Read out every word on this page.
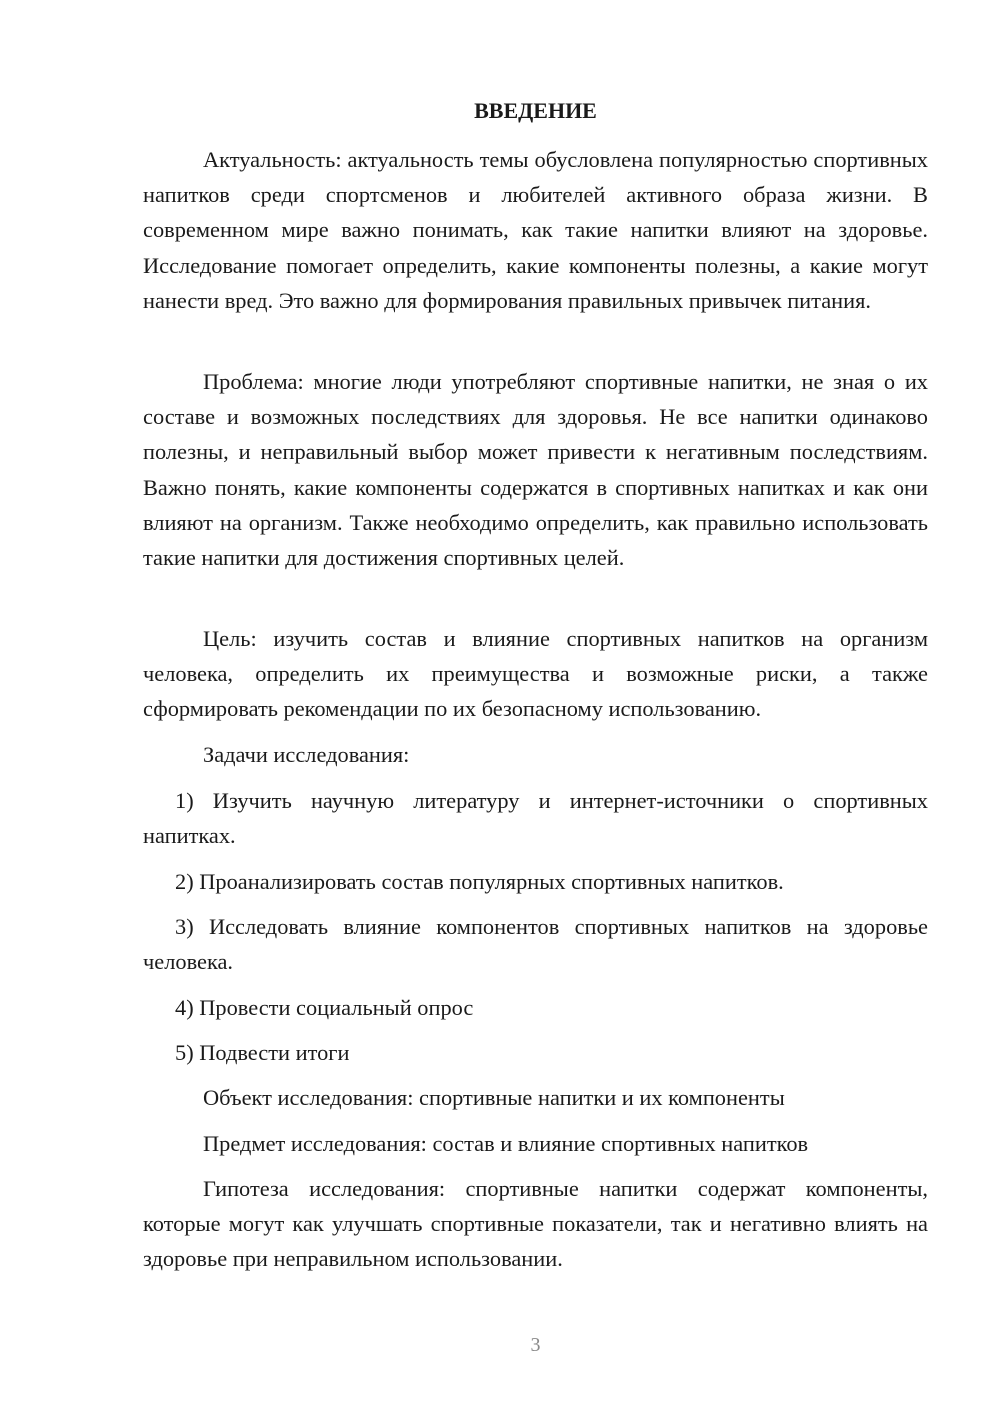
ВВЕДЕНИЕ

Актуальность: актуальность темы обусловлена популярностью спортивных напитков среди спортсменов и любителей активного образа жизни. В современном мире важно понимать, как такие напитки влияют на здоровье. Исследование помогает определить, какие компоненты полезны, а какие могут нанести вред. Это важно для формирования правильных привычек питания.

Проблема: многие люди употребляют спортивные напитки, не зная о их составе и возможных последствиях для здоровья. Не все напитки одинаково полезны, и неправильный выбор может привести к негативным последствиям. Важно понять, какие компоненты содержатся в спортивных напитках и как они влияют на организм. Также необходимо определить, как правильно использовать такие напитки для достижения спортивных целей.

Цель: изучить состав и влияние спортивных напитков на организм человека, определить их преимущества и возможные риски, а также сформировать рекомендации по их безопасному использованию.

Задачи исследования:

1) Изучить научную литературу и интернет-источники о спортивных напитках.

2) Проанализировать состав популярных спортивных напитков.

3) Исследовать влияние компонентов спортивных напитков на здоровье человека.

4) Провести социальный опрос

5) Подвести итоги

Объект исследования: спортивные напитки и их компоненты

Предмет исследования: состав и влияние спортивных напитков

Гипотеза исследования: спортивные напитки содержат компоненты, которые могут как улучшать спортивные показатели, так и негативно влиять на здоровье при неправильном использовании.

3
